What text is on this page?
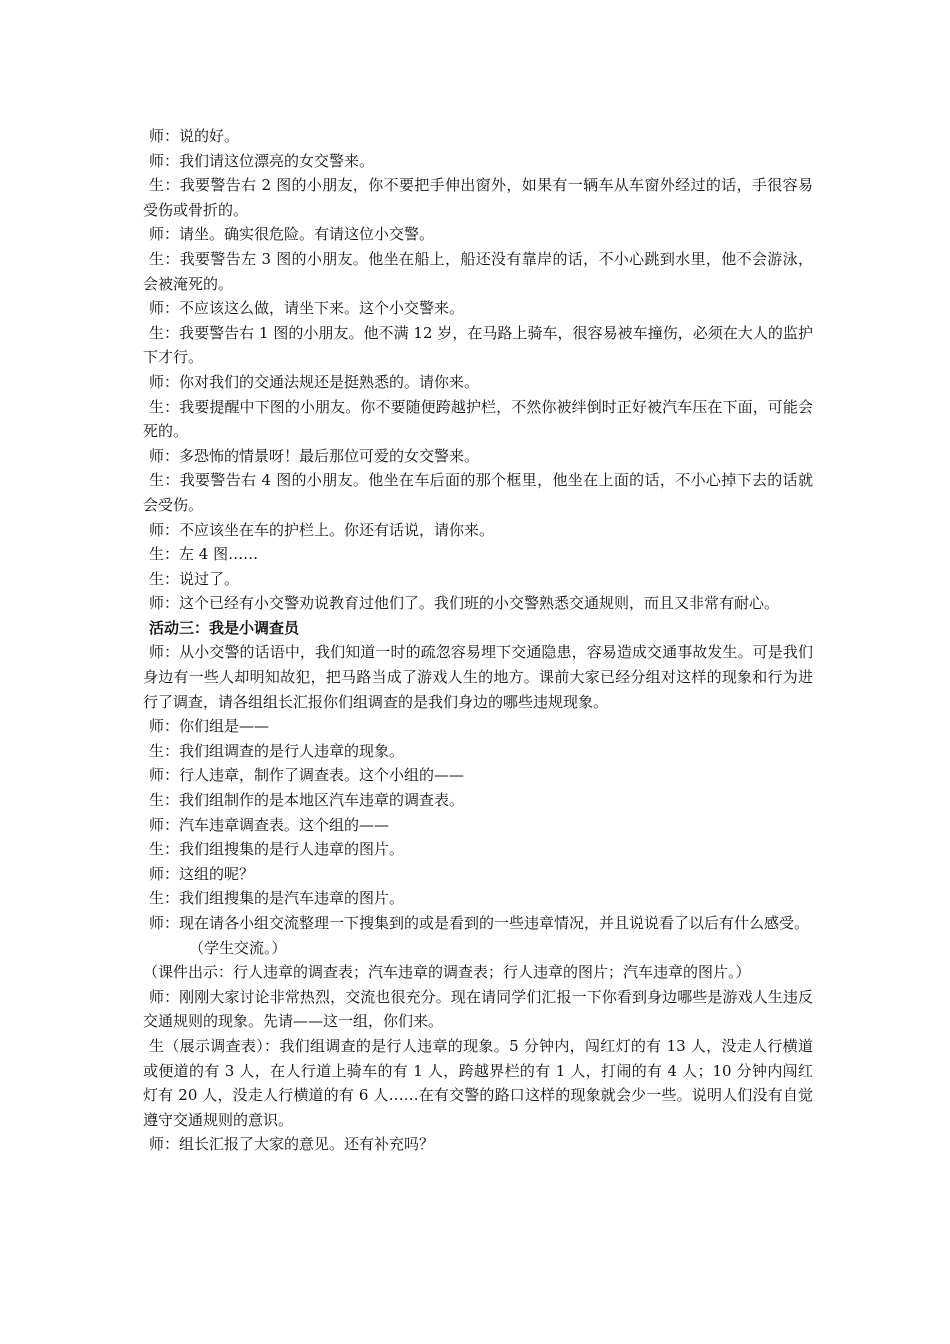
师：说的好。

师：我们请这位漂亮的女交警来。

生：我要警告右 2 图的小朋友，你不要把手伸出窗外，如果有一辆车从车窗外经过的话，手很容易受伤或骨折的。

师：请坐。确实很危险。有请这位小交警。

生：我要警告左 3 图的小朋友。他坐在船上，船还没有靠岸的话，不小心跳到水里，他不会游泳，会被淹死的。

师：不应该这么做，请坐下来。这个小交警来。

生：我要警告右 1 图的小朋友。他不满 12 岁，在马路上骑车，很容易被车撞伤，必须在大人的监护下才行。

师：你对我们的交通法规还是挺熟悉的。请你来。

生：我要提醒中下图的小朋友。你不要随便跨越护栏，不然你被绊倒时正好被汽车压在下面，可能会死的。

师：多恐怖的情景呀！最后那位可爱的女交警来。

生：我要警告右 4 图的小朋友。他坐在车后面的那个框里，他坐在上面的话，不小心掉下去的话就会受伤。

师：不应该坐在车的护栏上。你还有话说，请你来。

生：左 4 图……

生：说过了。

师：这个已经有小交警劝说教育过他们了。我们班的小交警熟悉交通规则，而且又非常有耐心。

活动三：我是小调查员

师：从小交警的话语中，我们知道一时的疏忽容易埋下交通隐患，容易造成交通事故发生。可是我们身边有一些人却明知故犯，把马路当成了游戏人生的地方。课前大家已经分组对这样的现象和行为进行了调查，请各组组长汇报你们组调查的是我们身边的哪些违规现象。

师：你们组是——

生：我们组调查的是行人违章的现象。

师：行人违章，制作了调查表。这个小组的——

生：我们组制作的是本地区汽车违章的调查表。

师：汽车违章调查表。这个组的——

生：我们组搜集的是行人违章的图片。

师：这组的呢？

生：我们组搜集的是汽车违章的图片。

师：现在请各小组交流整理一下搜集到的或是看到的一些违章情况，并且说说看了以后有什么感受。

（学生交流。）

（课件出示：行人违章的调查表；汽车违章的调查表；行人违章的图片；汽车违章的图片。）

师：刚刚大家讨论非常热烈，交流也很充分。现在请同学们汇报一下你看到身边哪些是游戏人生违反交通规则的现象。先请——这一组，你们来。

生（展示调查表）：我们组调查的是行人违章的现象。5 分钟内，闯红灯的有 13 人，没走人行横道或便道的有 3 人，在人行道上骑车的有 1 人，跨越界栏的有 1 人，打闹的有 4 人；10 分钟内闯红灯有 20 人，没走人行横道的有 6 人……在有交警的路口这样的现象就会少一些。说明人们没有自觉遵守交通规则的意识。

师：组长汇报了大家的意见。还有补充吗？
